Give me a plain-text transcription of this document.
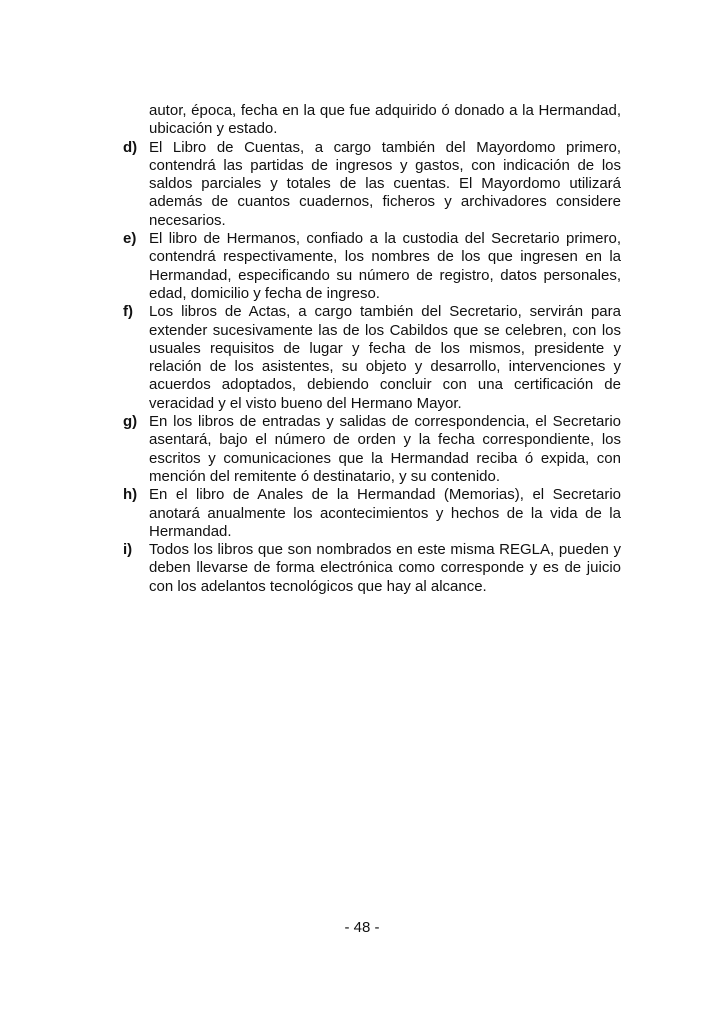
autor, época, fecha en la que fue adquirido ó donado a la Hermandad, ubicación y estado.
d) El Libro de Cuentas, a cargo también del Mayordomo primero, contendrá las partidas de ingresos y gastos, con indicación de los saldos parciales y totales de las cuentas. El Mayordomo utilizará además de cuantos cuadernos, ficheros y archivadores considere necesarios.
e) El libro de Hermanos, confiado a la custodia del Secretario primero, contendrá respectivamente, los nombres de los que ingresen en la Hermandad, especificando su número de registro, datos personales, edad, domicilio y fecha de ingreso.
f)	Los libros de Actas, a cargo también del Secretario, servirán para extender sucesivamente las de los Cabildos que se celebren, con los usuales requisitos de lugar y fecha de los mismos, presidente y relación de los asistentes, su objeto y desarrollo, intervenciones y acuerdos adoptados, debiendo concluir con una certificación de veracidad y el visto bueno del Hermano Mayor.
g) En los libros de entradas y salidas de correspondencia, el Secretario asentará, bajo el número de orden y la fecha correspondiente, los escritos y comunicaciones que la Hermandad reciba ó expida, con mención del remitente ó destinatario, y su contenido.
h) En el libro de Anales de la Hermandad (Memorias), el Secretario anotará anualmente los acontecimientos y hechos de la vida de la Hermandad.
i)	Todos los libros que son nombrados en este misma REGLA, pueden y deben llevarse de forma electrónica como corresponde y es de juicio con los adelantos tecnológicos que hay al alcance.
- 48 -
